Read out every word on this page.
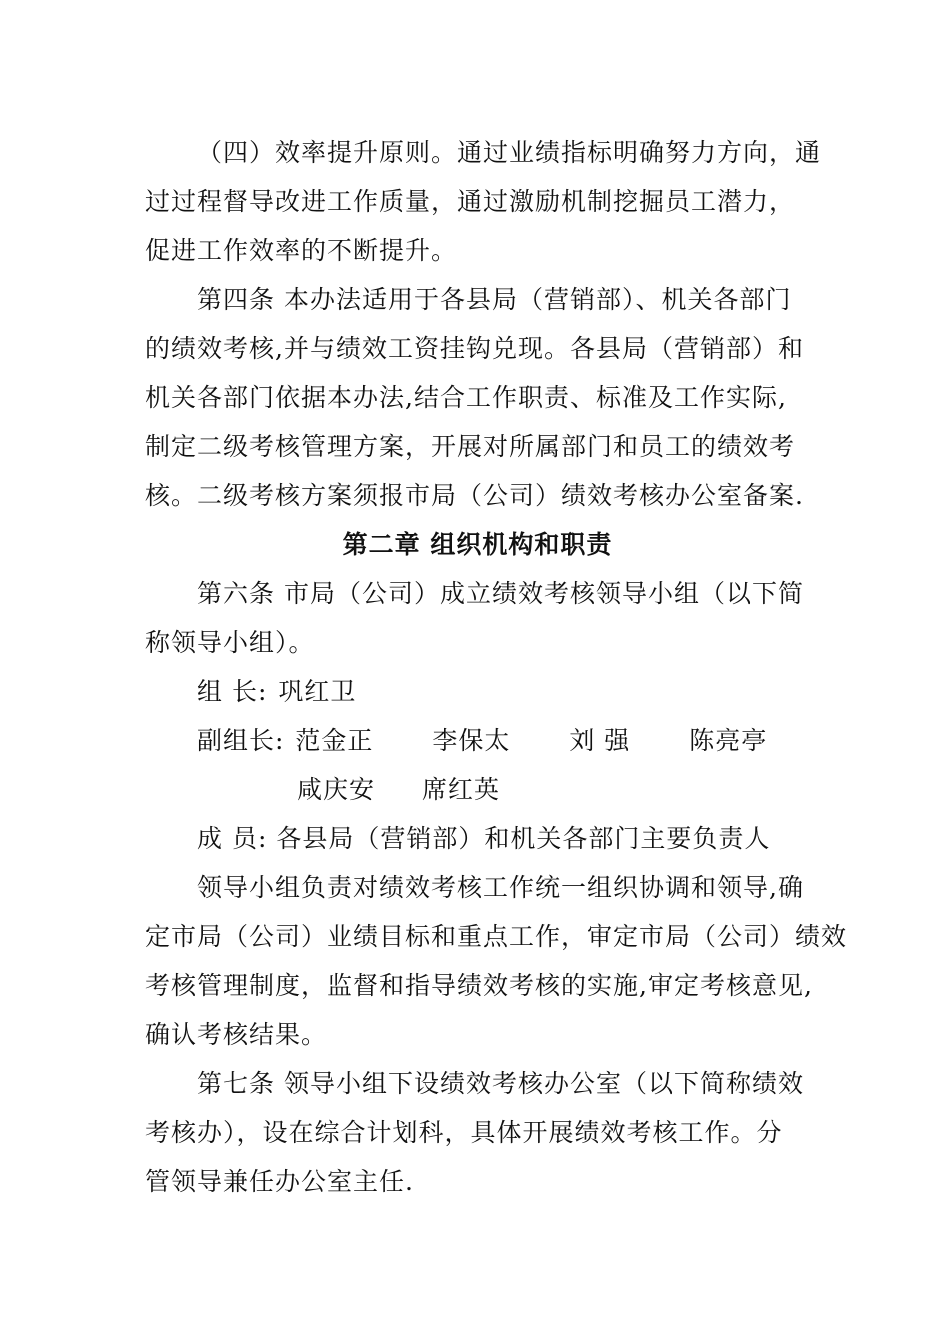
（四）效率提升原则。通过业绩指标明确努力方向，通
过过程督导改进工作质量，通过激励机制挖掘员工潜力，
促进工作效率的不断提升。

第四条 本办法适用于各县局（营销部）、机关各部门
的绩效考核,并与绩效工资挂钩兑现。各县局（营销部）和
机关各部门依据本办法,结合工作职责、标准及工作实际,
制定二级考核管理方案，开展对所属部门和员工的绩效考
核。二级考核方案须报市局（公司）绩效考核办公室备案.

第二章 组织机构和职责

第六条 市局（公司）成立绩效考核领导小组（以下简
称领导小组）。

组 长: 巩红卫

副组长: 范金正 李保太 刘 强 陈亮亭

咸庆安 席红英

成 员: 各县局（营销部）和机关各部门主要负责人

领导小组负责对绩效考核工作统一组织协调和领导,确
定市局（公司）业绩目标和重点工作，审定市局（公司）绩效
考核管理制度，监督和指导绩效考核的实施,审定考核意见,
确认考核结果。

第七条 领导小组下设绩效考核办公室（以下简称绩效
考核办），设在综合计划科，具体开展绩效考核工作。分
管领导兼任办公室主任.
